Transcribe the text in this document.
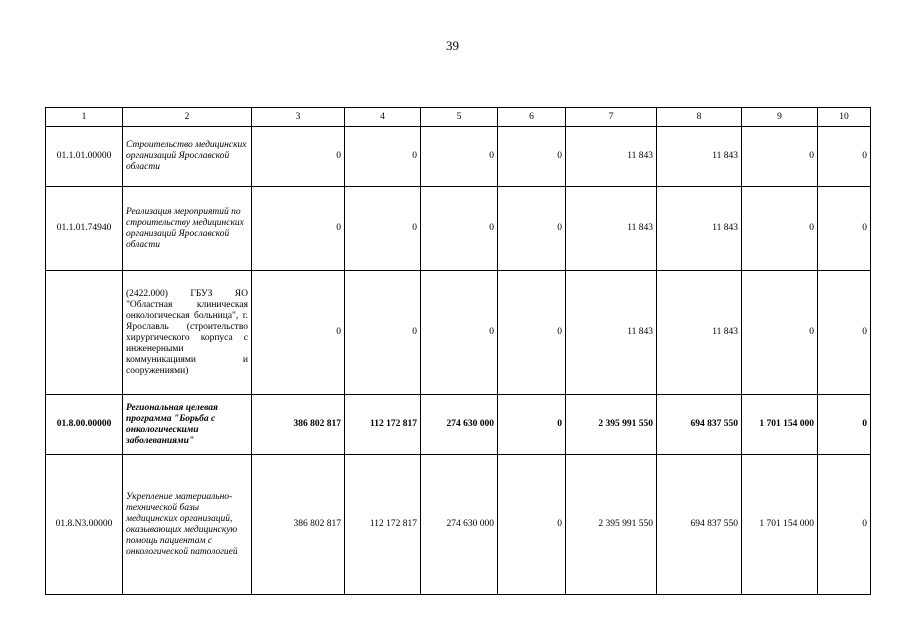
39
1	2	3	4	5	6	7	8	9	10
01.1.01.00000	Строительство медицинских организаций Ярославской области	0	0	0	0	11 843	11 843	0	0
01.1.01.74940	Реализация мероприятий по строительству медицинских организаций Ярославской области	0	0	0	0	11 843	11 843	0	0
	(2422.000) ГБУЗ ЯО "Областная клиническая онкологическая больница", г. Ярославль (строительство хирургического корпуса с инженерными коммуникациями и сооружениями)	0	0	0	0	11 843	11 843	0	0
01.8.00.00000	Региональная целевая программа "Борьба с онкологическими заболеваниями"	386 802 817	112 172 817	274 630 000	0	2 395 991 550	694 837 550	1 701 154 000	0
01.8.N3.00000	Укрепление материально-технической базы медицинских организаций, оказывающих медицинскую помощь пациентам с онкологической патологией	386 802 817	112 172 817	274 630 000	0	2 395 991 550	694 837 550	1 701 154 000	0
